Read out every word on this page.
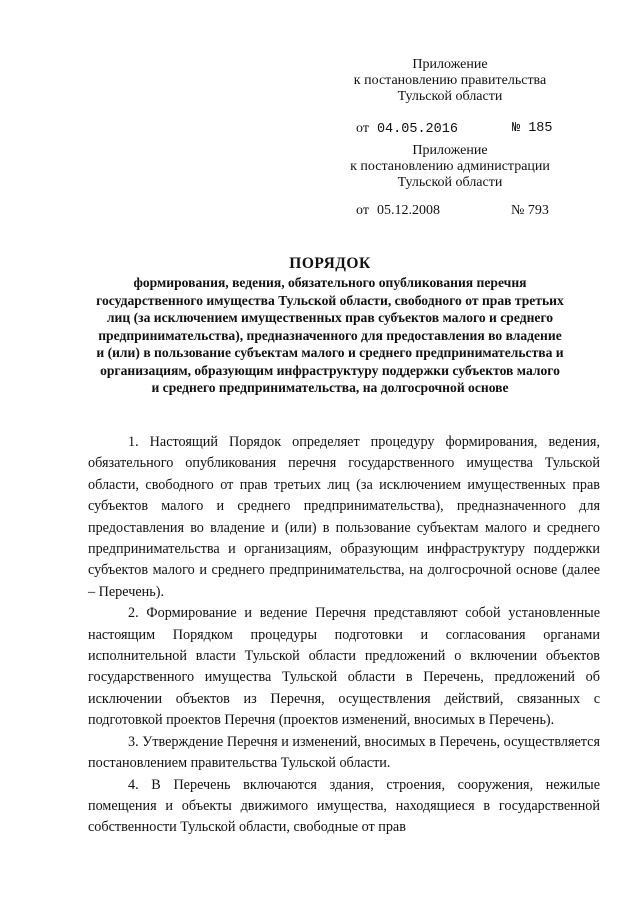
Приложение
к постановлению правительства
Тульской области
от 04.05.2016	№ 185
Приложение
к постановлению администрации
Тульской области
от 05.12.2008	№ 793
ПОРЯДОК
формирования, ведения, обязательного опубликования перечня государственного имущества Тульской области, свободного от прав третьих лиц (за исключением имущественных прав субъектов малого и среднего предпринимательства), предназначенного для предоставления во владение и (или) в пользование субъектам малого и среднего предпринимательства и организациям, образующим инфраструктуру поддержки субъектов малого и среднего предпринимательства, на долгосрочной основе

1. Настоящий Порядок определяет процедуру формирования, ведения, обязательного опубликования перечня государственного имущества Тульской области, свободного от прав третьих лиц (за исключением имущественных прав субъектов малого и среднего предпринимательства), предназначенного для предоставления во владение и (или) в пользование субъектам малого и среднего предпринимательства и организациям, образующим инфраструктуру поддержки субъектов малого и среднего предпринимательства, на долгосрочной основе (далее – Перечень).

2. Формирование и ведение Перечня представляют собой установленные настоящим Порядком процедуры подготовки и согласования органами исполнительной власти Тульской области предложений о включении объектов государственного имущества Тульской области в Перечень, предложений об исключении объектов из Перечня, осуществления действий, связанных с подготовкой проектов Перечня (проектов изменений, вносимых в Перечень).

3. Утверждение Перечня и изменений, вносимых в Перечень, осуществляется постановлением правительства Тульской области.

4. В Перечень включаются здания, строения, сооружения, нежилые помещения и объекты движимого имущества, находящиеся в государственной собственности Тульской области, свободные от прав
